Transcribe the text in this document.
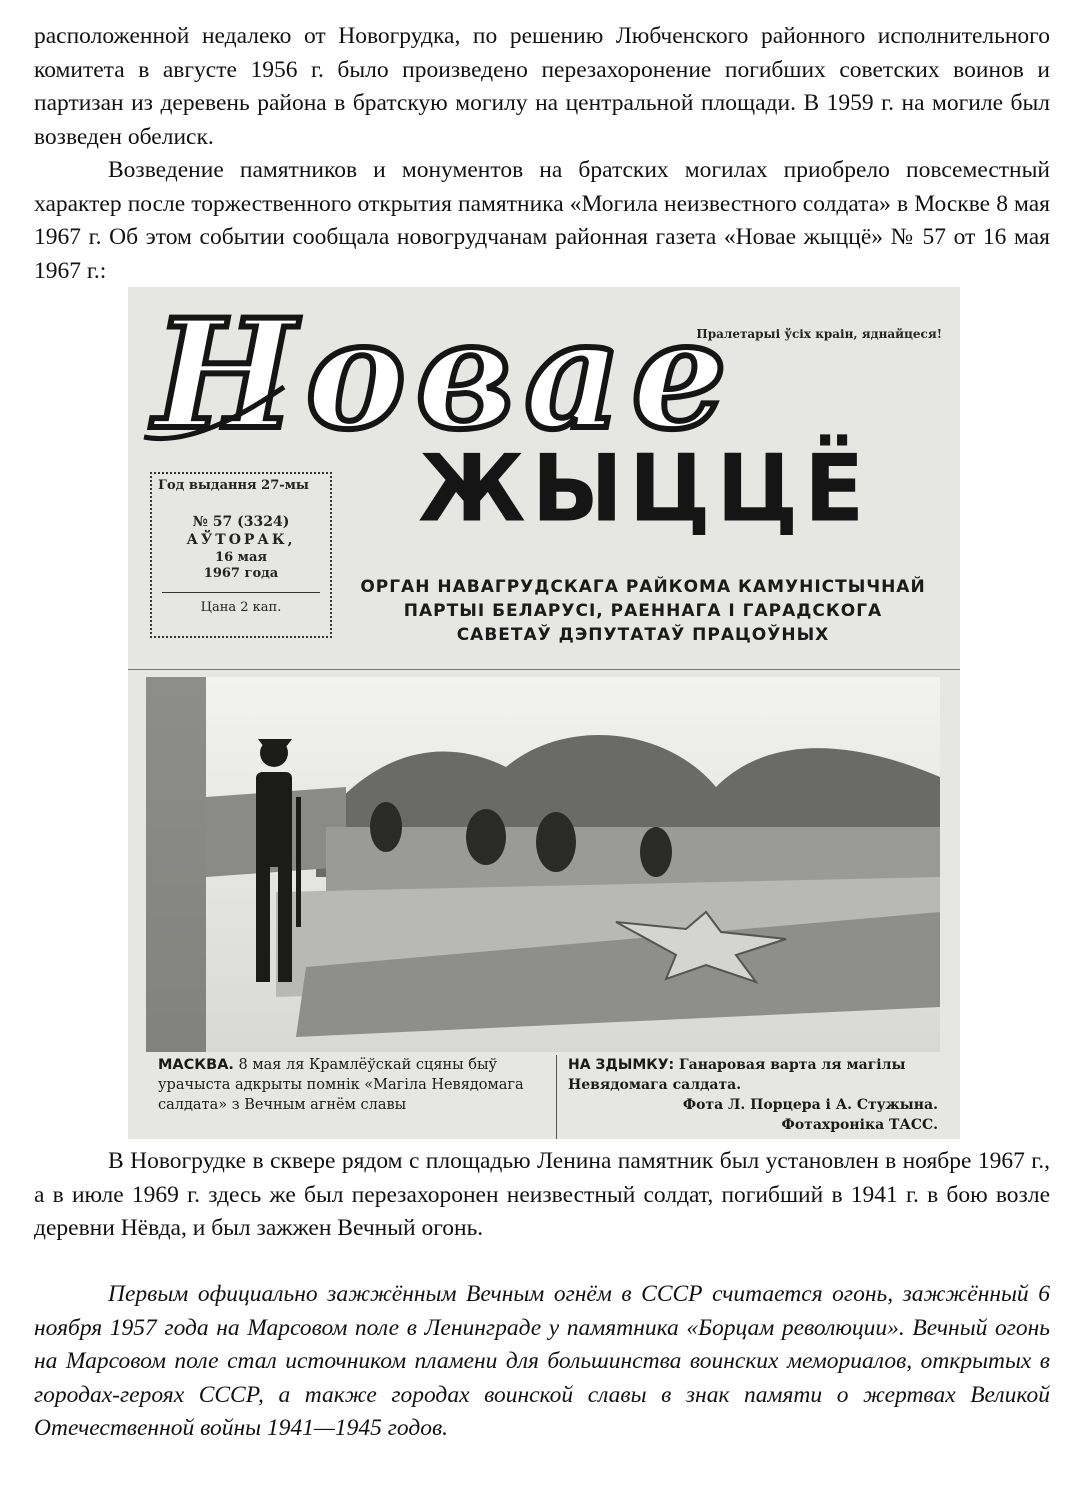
расположенной недалеко от Новогрудка, по решению Любченского районного исполнительного комитета в августе 1956 г. было произведено перезахоронение погибших советских воинов и партизан из деревень района в братскую могилу на центральной площади. В 1959 г. на могиле был возведен обелиск.

Возведение памятников и монументов на братских могилах приобрело повсеместный характер после торжественного открытия памятника «Могила неизвестного солдата» в Москве 8 мая 1967 г. Об этом событии сообщала новогрудчанам районная газета «Новае жыццё» № 57 от 16 мая 1967 г.:

Пралетарыі ўсіх краін, яднайцеся!
Новае
ЖЫЦЦЁ
Год выдання 27-мы
№ 57 (3324)
АЎТОРАК,
16 мая
1967 года
Цана 2 кап.
ОРГАН НАВАГРУДСКАГА РАЙКОМА КАМУНІСТЫЧНАЙ
ПАРТЫІ БЕЛАРУСІ, РАЕННАГА І ГАРАДСКОГА
САВЕТАЎ ДЭПУТАТАЎ ПРАЦОЎНЫХ
МАСКВА. 8 мая ля Крамлёўскай сцяны быў урачыста адкрыты помнік «Магіла Невядомага салдата» з Вечным агнём славы
НА ЗДЫМКУ: Ганаровая варта ля магілы Невядомага салдата.
Фота Л. Порцера і А. Стужына.
Фотахроніка ТАСС.

В Новогрудке в сквере рядом с площадью Ленина памятник был установлен в ноябре 1967 г., а в июле 1969 г. здесь же был перезахоронен неизвестный солдат, погибший в 1941 г. в бою возле деревни Нёвда, и был зажжен Вечный огонь.

Первым официально зажжённым Вечным огнём в СССР считается огонь, зажжённый 6 ноября 1957 года на Марсовом поле в Ленинграде у памятника «Борцам революции». Вечный огонь на Марсовом поле стал источником пламени для большинства воинских мемориалов, открытых в городах-героях СССР, а также городах воинской славы в знак памяти о жертвах Великой Отечественной войны 1941—1945 годов.
